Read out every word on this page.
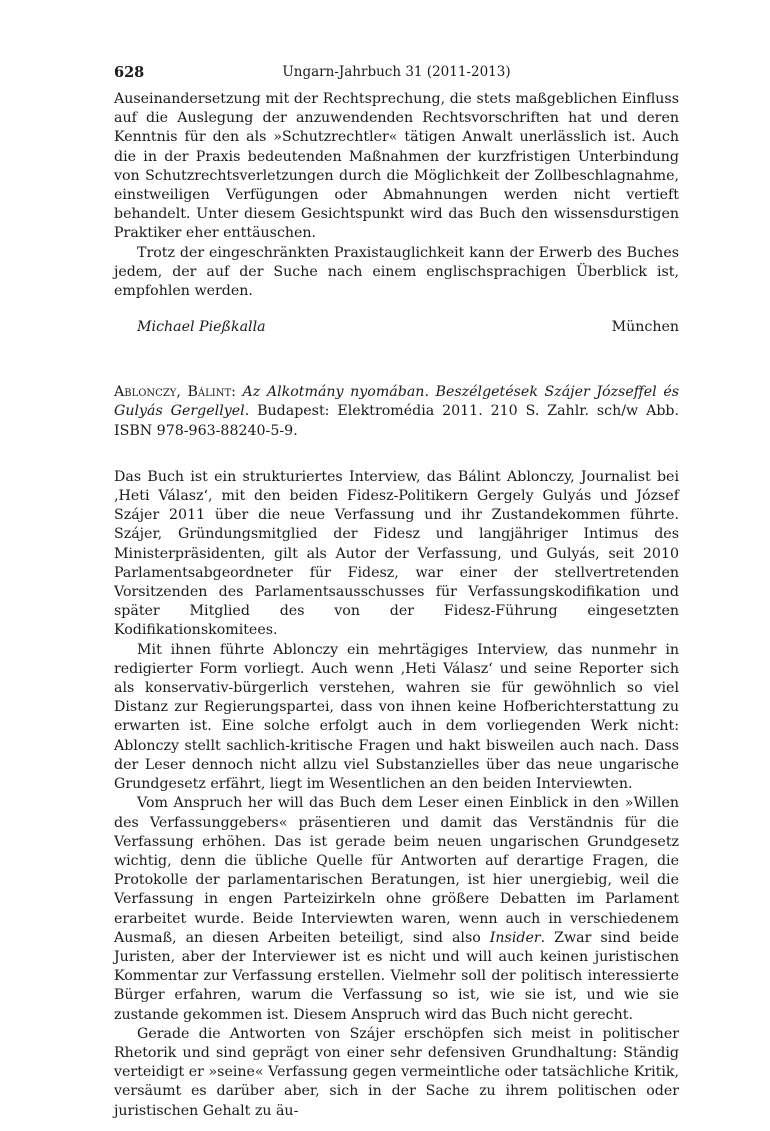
628	Ungarn-Jahrbuch 31 (2011-2013)

Auseinandersetzung mit der Rechtsprechung, die stets maßgeblichen Einfluss auf die Auslegung der anzuwendenden Rechtsvorschriften hat und deren Kenntnis für den als »Schutzrechtler« tätigen Anwalt unerlässlich ist. Auch die in der Praxis bedeutenden Maßnahmen der kurzfristigen Unterbindung von Schutzrechtsverletzungen durch die Möglichkeit der Zollbeschlagnahme, einstweiligen Verfügungen oder Abmahnungen werden nicht vertieft behandelt. Unter diesem Gesichtspunkt wird das Buch den wissensdurstigen Praktiker eher enttäuschen.

Trotz der eingeschränkten Praxistauglichkeit kann der Erwerb des Buches jedem, der auf der Suche nach einem englischsprachigen Überblick ist, empfohlen werden.

Michael Pießkalla	München

Ablonczy, Bálint: Az Alkotmány nyomában. Beszélgetések Szájer Józseffel és Gulyás Gergellyel. Budapest: Elektromédia 2011. 210 S. Zahlr. sch/w Abb. ISBN 978-963-88240-5-9.

Das Buch ist ein strukturiertes Interview, das Bálint Ablonczy, Journalist bei ‚Heti Válasz‘, mit den beiden Fidesz-Politikern Gergely Gulyás und József Szájer 2011 über die neue Verfassung und ihr Zustandekommen führte. Szájer, Gründungsmitglied der Fidesz und langjähriger Intimus des Ministerpräsidenten, gilt als Autor der Verfassung, und Gulyás, seit 2010 Parlamentsabgeordneter für Fidesz, war einer der stellvertretenden Vorsitzenden des Parlamentsausschusses für Verfassungskodifikation und später Mitglied des von der Fidesz-Führung eingesetzten Kodifikationskomitees.

Mit ihnen führte Ablonczy ein mehrtägiges Interview, das nunmehr in redigierter Form vorliegt. Auch wenn ‚Heti Válasz‘ und seine Reporter sich als konservativ-bürgerlich verstehen, wahren sie für gewöhnlich so viel Distanz zur Regierungspartei, dass von ihnen keine Hofberichterstattung zu erwarten ist. Eine solche erfolgt auch in dem vorliegenden Werk nicht: Ablonczy stellt sachlich-kritische Fragen und hakt bisweilen auch nach. Dass der Leser dennoch nicht allzu viel Substanzielles über das neue ungarische Grundgesetz erfährt, liegt im Wesentlichen an den beiden Interviewten.

Vom Anspruch her will das Buch dem Leser einen Einblick in den »Willen des Verfassunggebers« präsentieren und damit das Verständnis für die Verfassung erhöhen. Das ist gerade beim neuen ungarischen Grundgesetz wichtig, denn die übliche Quelle für Antworten auf derartige Fragen, die Protokolle der parlamentarischen Beratungen, ist hier unergiebig, weil die Verfassung in engen Parteizirkeln ohne größere Debatten im Parlament erarbeitet wurde. Beide Interviewten waren, wenn auch in verschiedenem Ausmaß, an diesen Arbeiten beteiligt, sind also Insider. Zwar sind beide Juristen, aber der Interviewer ist es nicht und will auch keinen juristischen Kommentar zur Verfassung erstellen. Vielmehr soll der politisch interessierte Bürger erfahren, warum die Verfassung so ist, wie sie ist, und wie sie zustande gekommen ist. Diesem Anspruch wird das Buch nicht gerecht.

Gerade die Antworten von Szájer erschöpfen sich meist in politischer Rhetorik und sind geprägt von einer sehr defensiven Grundhaltung: Ständig verteidigt er »seine« Verfassung gegen vermeintliche oder tatsächliche Kritik, versäumt es darüber aber, sich in der Sache zu ihrem politischen oder juristischen Gehalt zu äu-
